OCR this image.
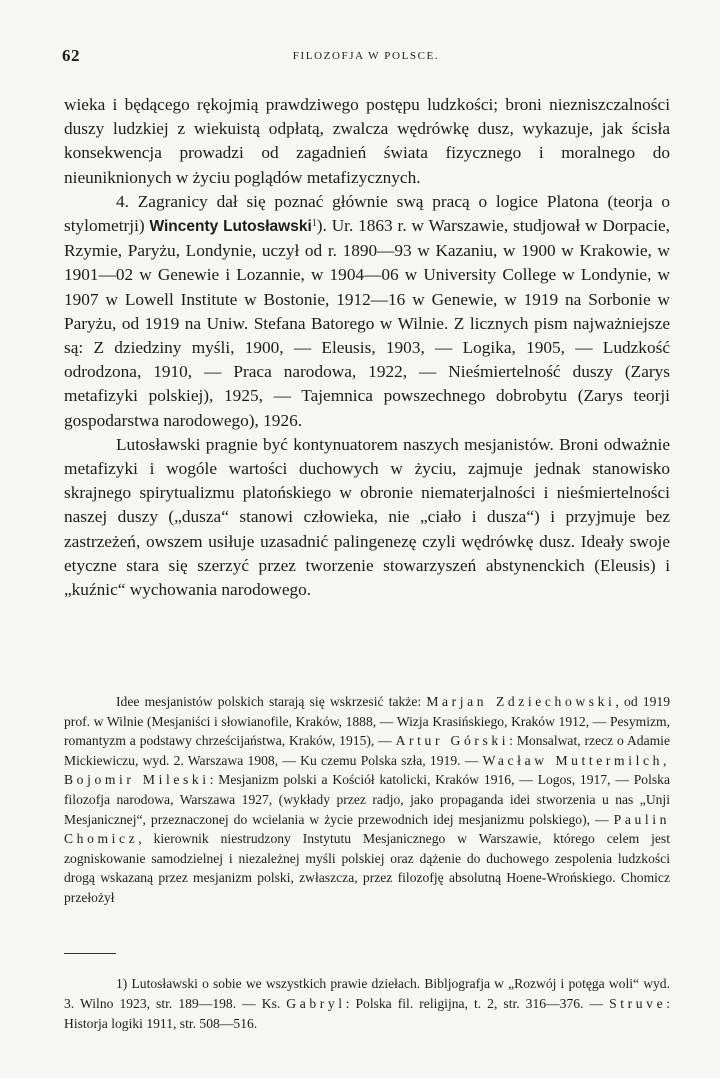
62	FILOZOFJA W POLSCE.

wieka i będącego rękojmią prawdziwego postępu ludzkości; broni niezniszczalności duszy ludzkiej z wiekuistą odpłatą, zwalcza wędrówkę dusz, wykazuje, jak ścisła konsekwencja prowadzi od zagadnień świata fizycznego i moralnego do nieuniknionych w życiu poglądów metafizycznych.

4. Zagranicy dał się poznać głównie swą pracą o logice Platona (teorja o stylometrji) Wincenty Lutosławski$^1$). Ur. 1863 r. w Warszawie, studjował w Dorpacie, Rzymie, Paryżu, Londynie, uczył od r. 1890—93 w Kazaniu, w 1900 w Krakowie, w 1901—02 w Genewie i Lozannie, w 1904—06 w University College w Londynie, w 1907 w Lowell Institute w Bostonie, 1912—16 w Genewie, w 1919 na Sorbonie w Paryżu, od 1919 na Uniw. Stefana Batorego w Wilnie. Z licznych pism najważniejsze są: Z dziedziny myśli, 1900, — Eleusis, 1903, — Logika, 1905, — Ludzkość odrodzona, 1910, — Praca narodowa, 1922, — Nieśmiertelność duszy (Zarys metafizyki polskiej), 1925, — Tajemnica powszechnego dobrobytu (Zarys teorji gospodarstwa narodowego), 1926.

Lutosławski pragnie być kontynuatorem naszych mesjanistów. Broni odważnie metafizyki i wogóle wartości duchowych w życiu, zajmuje jednak stanowisko skrajnego spirytualizmu platońskiego w obronie niematerjalności i nieśmiertelności naszej duszy („dusza“ stanowi człowieka, nie „ciało i dusza“) i przyjmuje bez zastrzeżeń, owszem usiłuje uzasadnić palingenezę czyli wędrówkę dusz. Ideały swoje etyczne stara się szerzyć przez tworzenie stowarzyszeń abstynenckich (Eleusis) i „kuźnic“ wychowania narodowego.

Idee mesjanistów polskich starają się wskrzesić także: Marjan Zdziechowski, od 1919 prof. w Wilnie (Mesjaniści i słowianofile, Kraków, 1888, — Wizja Krasińskiego, Kraków 1912, — Pesymizm, romantyzm a podstawy chrześcijaństwa, Kraków, 1915), — Artur Górski: Monsalwat, rzecz o Adamie Mickiewiczu, wyd. 2. Warszawa 1908, — Ku czemu Polska szła, 1919. — Wacław Muttermilch, Bojomir Mileski: Mesjanizm polski a Kościół katolicki, Kraków 1916, — Logos, 1917, — Polska filozofja narodowa, Warszawa 1927, (wykłady przez radjo, jako propaganda idei stworzenia u nas „Unji Mesjanicznej“, przeznaczonej do wcielania w życie przewodnich idej mesjanizmu polskiego), — Paulin Chomicz, kierownik niestrudzony Instytutu Mesjanicznego w Warszawie, którego celem jest zogniskowanie samodzielnej i niezależnej myśli polskiej oraz dążenie do duchowego zespolenia ludzkości drogą wskazaną przez mesjanizm polski, zwłaszcza, przez filozofję absolutną Hoene-Wrońskiego. Chomicz przełożył

1) Lutosławski o sobie we wszystkich prawie dziełach. Bibljografja w „Rozwój i potęga woli“ wyd. 3. Wilno 1923, str. 189—198. — Ks. Gabryl: Polska fil. religijna, t. 2, str. 316—376. — Struve: Historja logiki 1911, str. 508—516.
